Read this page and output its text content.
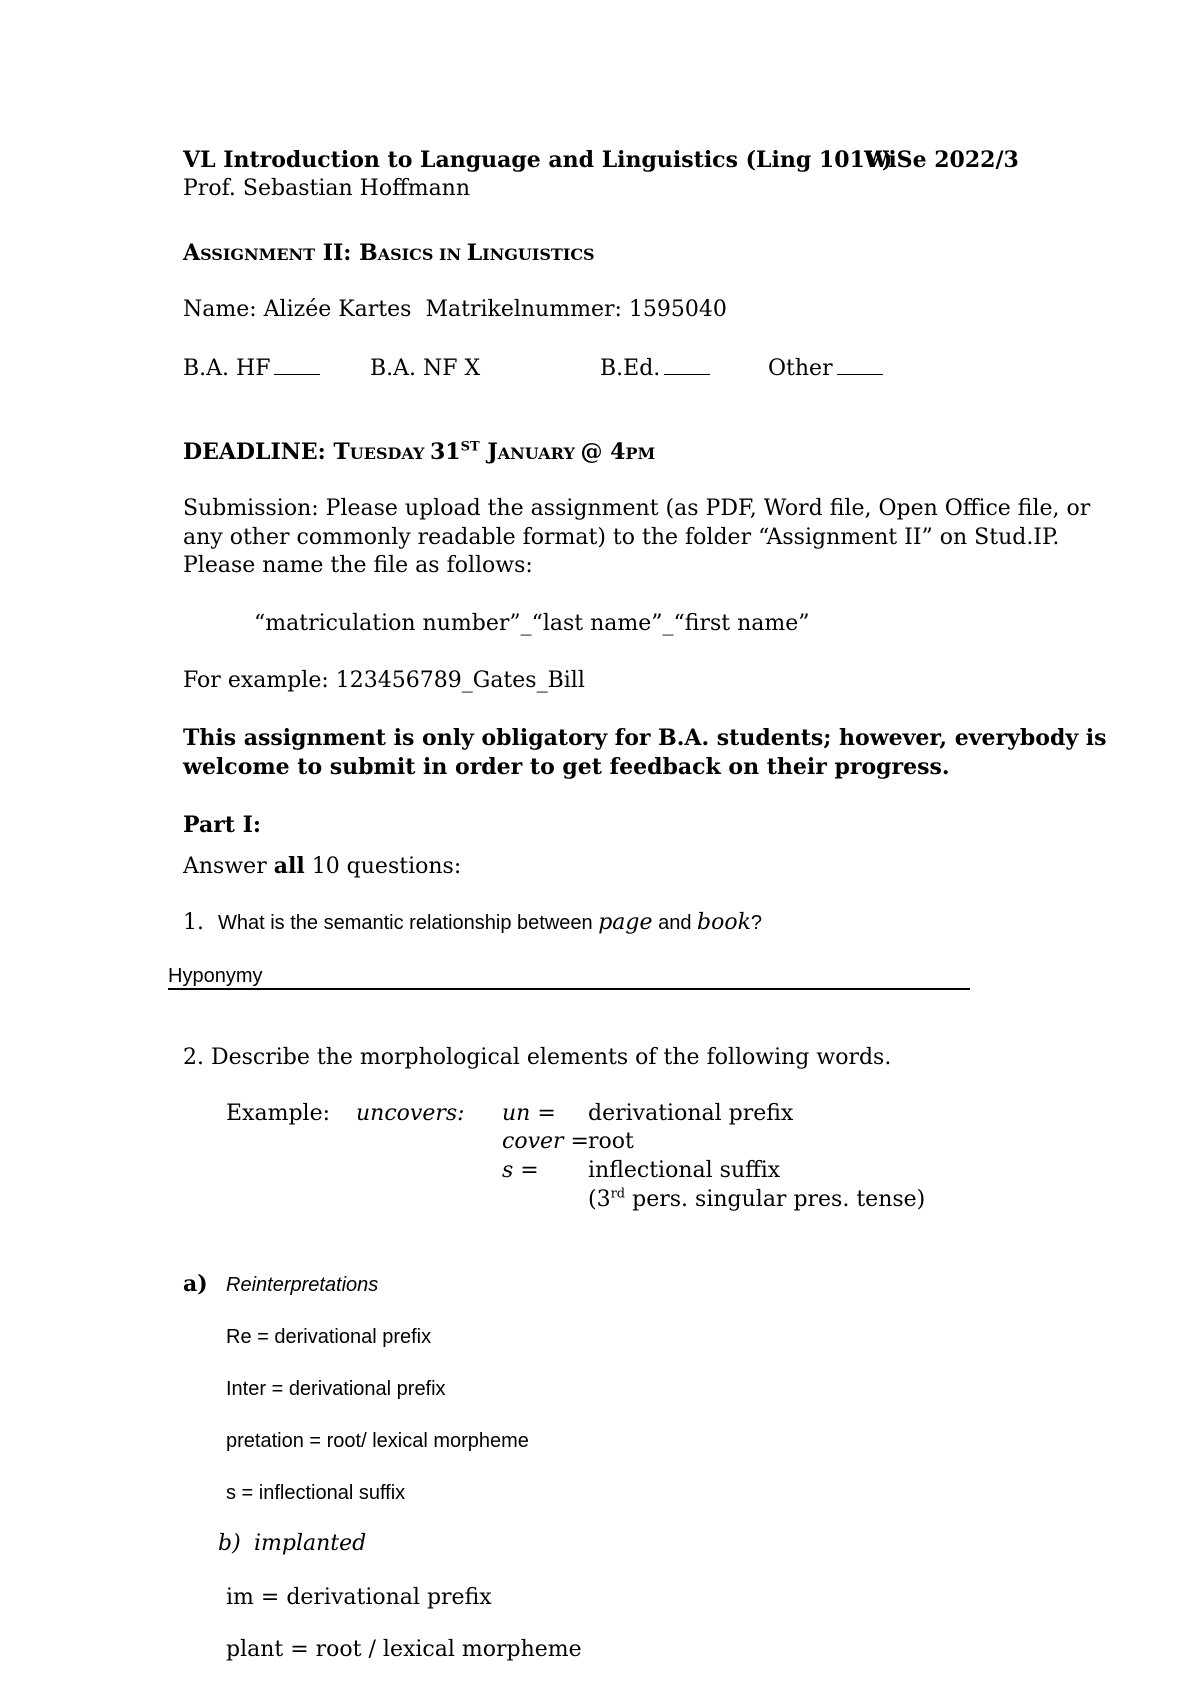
VL Introduction to Language and Linguistics (Ling 101V)
WiSe 2022/3
Prof. Sebastian Hoffmann
ASSIGNMENT II: BASICS IN LINGUISTICS
Name: Alizée Kartes Matrikelnummer: 1595040
B.A. HF	B.A. NF X	B.Ed.	Other
DEADLINE: TUESDAY 31ST JANUARY @ 4PM
Submission: Please upload the assignment (as PDF, Word file, Open Office file, or
any other commonly readable format) to the folder “Assignment II” on Stud.IP.
Please name the file as follows:
“matriculation number”_“last name”_“first name”
For example: 123456789_Gates_Bill
This assignment is only obligatory for B.A. students; however, everybody is
welcome to submit in order to get feedback on their progress.
Part I:
Answer all 10 questions:
1. What is the semantic relationship between page and book?
Hyponymy
2. Describe the morphological elements of the following words.
Example: uncovers: un = derivational prefix
cover = root
s = inflectional suffix
(3rd pers. singular pres. tense)
a) Reinterpretations
Re = derivational prefix
Inter = derivational prefix
pretation = root/ lexical morpheme
s = inflectional suffix
b) implanted
im = derivational prefix
plant = root / lexical morpheme
